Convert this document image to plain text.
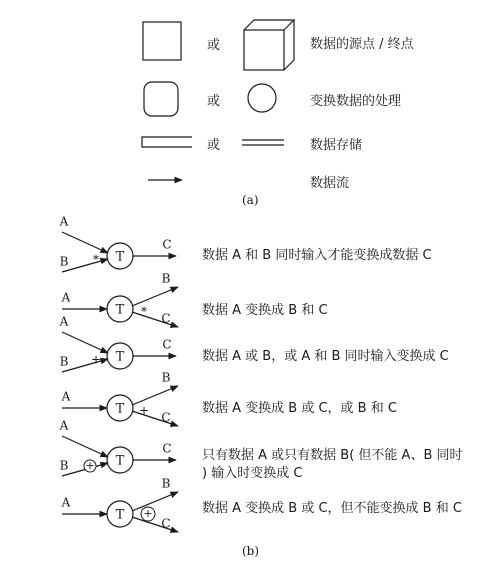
T
A
B
C
*
T
A
B
C
*
T
A
B
C
+
T
A
B
C
+
T
A
B
C
+
T
A
B
C
+
或
或
或
数据的源点 / 终点
变换数据的处理
数据存储
数据流
(a)
数据 A 和 B 同时输入才能变换成数据 C
数据 A 变换成 B 和 C
数据 A 或 B，或 A 和 B 同时输入变换成 C
数据 A 变换成 B 或 C，或 B 和 C
只有数据 A 或只有数据 B( 但不能 A、B 同时 ) 输入时变换成 C
数据 A 变换成 B 或 C，但不能变换成 B 和 C
(b)
